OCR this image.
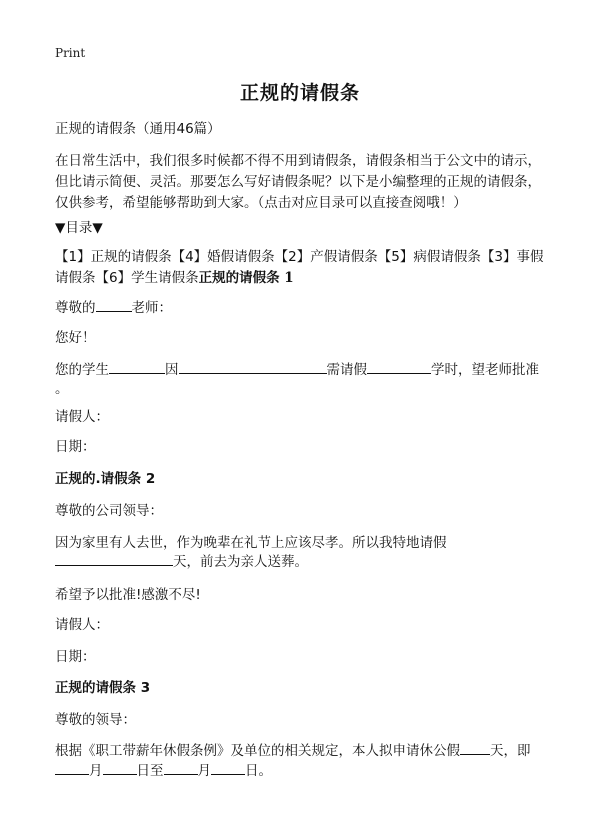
Print
正规的请假条
正规的请假条（通用46篇）
在日常生活中，我们很多时候都不得不用到请假条，请假条相当于公文中的请示，
但比请示简便、灵活。那要怎么写好请假条呢？以下是小编整理的正规的请假条，
仅供参考，希望能够帮助到大家。（点击对应目录可以直接查阅哦！）
▼目录▼
【1】正规的请假条【4】婚假请假条【2】产假请假条【5】病假请假条【3】事假
请假条【6】学生请假条正规的请假条 1
尊敬的	老师：
您好！
您的学生	因	需请假	学时，望老师批准
。
请假人：
日期：
正规的.请假条 2
尊敬的公司领导：
因为家里有人去世，作为晚辈在礼节上应该尽孝。所以我特地请假
天，前去为亲人送葬。
希望予以批准!感激不尽!
请假人：
日期：
正规的请假条 3
尊敬的领导：
根据《职工带薪年休假条例》及单位的相关规定，本人拟申请休公假 天，即
月	日至	月	日。
